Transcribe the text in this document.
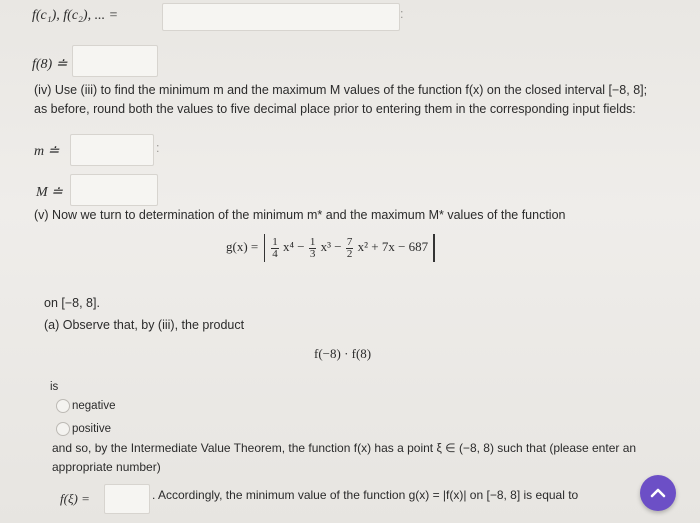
f(c₁), f(c₂), ... =	:
f(8) ≐
(iv) Use (iii) to find the minimum m and the maximum M values of the function f(x) on the closed interval [−8, 8];
as before, round both the values to five decimal place prior to entering them in the corresponding input fields:
m ≐	:
M ≐
(v) Now we turn to determination of the minimum m* and the maximum M* values of the function
$g(x) = \frac{1}{4} x^4 - \frac{1}{3} x^3 - \frac{7}{2} x^2 + 7x - 687$
on [−8, 8].
(a) Observe that, by (iii), the product
f(−8) · f(8)
is
negative
positive
and so, by the Intermediate Value Theorem, the function f(x) has a point ξ ∈ (−8, 8) such that (please enter an
appropriate number)
f(ξ) =	. Accordingly, the minimum value of the function g(x) = |f(x)| on [−8, 8] is equal to
